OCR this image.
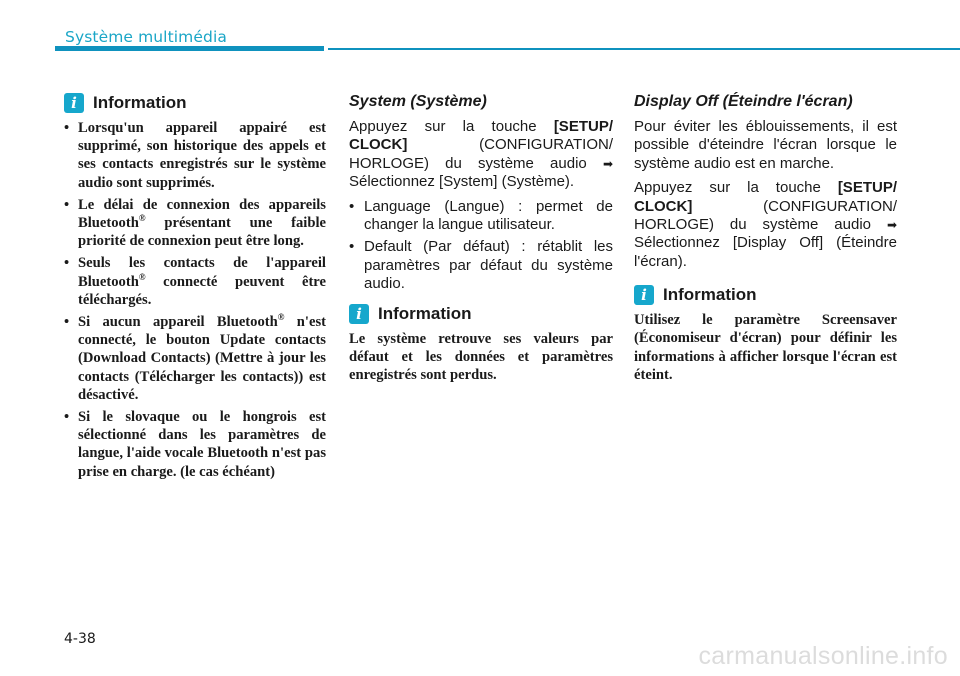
Système multimédia
i Information
• Lorsqu'un appareil appairé est supprimé, son historique des appels et ses contacts enregistrés sur le système audio sont supprimés.
• Le délai de connexion des appareils Bluetooth® présentant une faible priorité de connexion peut être long.
• Seuls les contacts de l'appareil Bluetooth® connecté peuvent être téléchargés.
• Si aucun appareil Bluetooth® n'est connecté, le bouton Update contacts (Download Contacts) (Mettre à jour les contacts (Télécharger les contacts)) est désactivé.
• Si le slovaque ou le hongrois est sélectionné dans les paramètres de langue, l'aide vocale Bluetooth n'est pas prise en charge. (le cas échéant)
System (Système)

Appuyez sur la touche [SETUP/ CLOCK] (CONFIGURATION/ HORLOGE) du système audio ➡ Sélectionnez [System] (Système).

• Language (Langue) : permet de changer la langue utilisateur.
• Default (Par défaut) : rétablit les paramètres par défaut du système audio.
i Information

Le système retrouve ses valeurs par défaut et les données et paramètres enregistrés sont perdus.

Display Off (Éteindre l'écran)

Pour éviter les éblouissements, il est possible d'éteindre l'écran lorsque le système audio est en marche.

Appuyez sur la touche [SETUP/ CLOCK] (CONFIGURATION/ HORLOGE) du système audio ➡ Sélectionnez [Display Off] (Éteindre l'écran).

i Information

Utilisez le paramètre Screensaver (Économiseur d'écran) pour définir les informations à afficher lorsque l'écran est éteint.

4-38
carmanualsonline.info
